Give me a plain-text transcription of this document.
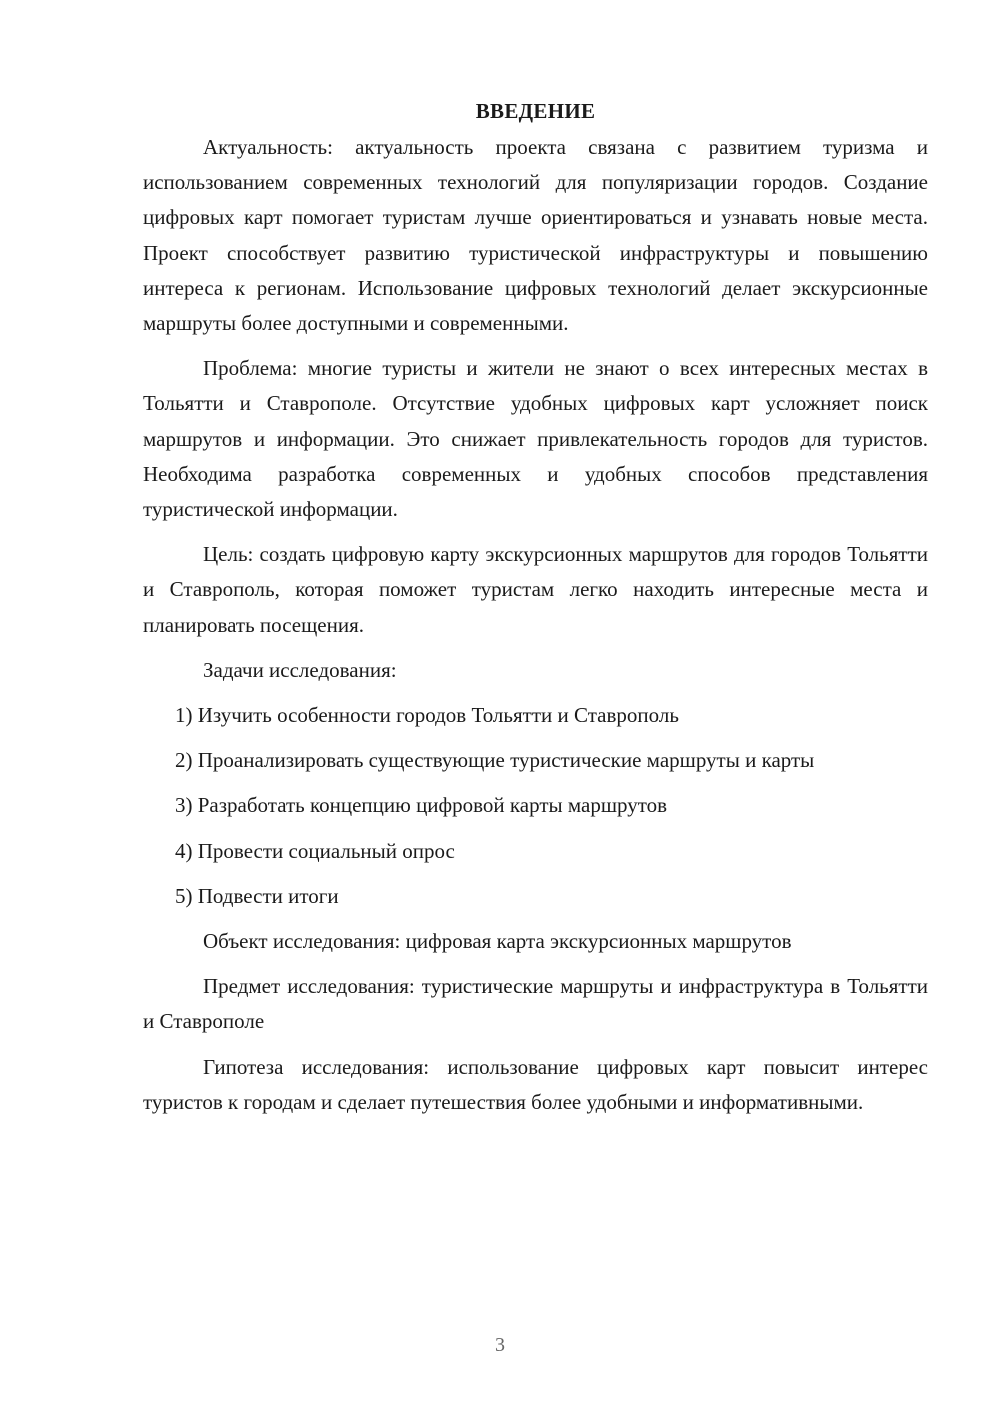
ВВЕДЕНИЕ

Актуальность: актуальность проекта связана с развитием туризма и использованием современных технологий для популяризации городов. Создание цифровых карт помогает туристам лучше ориентироваться и узнавать новые места. Проект способствует развитию туристической инфраструктуры и повышению интереса к регионам. Использование цифровых технологий делает экскурсионные маршруты более доступными и современными.

Проблема: многие туристы и жители не знают о всех интересных местах в Тольятти и Ставрополе. Отсутствие удобных цифровых карт усложняет поиск маршрутов и информации. Это снижает привлекательность городов для туристов. Необходима разработка современных и удобных способов представления туристической информации.

Цель: создать цифровую карту экскурсионных маршрутов для городов Тольятти и Ставрополь, которая поможет туристам легко находить интересные места и планировать посещения.

Задачи исследования:

1) Изучить особенности городов Тольятти и Ставрополь

2) Проанализировать существующие туристические маршруты и карты

3) Разработать концепцию цифровой карты маршрутов

4) Провести социальный опрос

5) Подвести итоги

Объект исследования: цифровая карта экскурсионных маршрутов

Предмет исследования: туристические маршруты и инфраструктура в Тольятти и Ставрополе

Гипотеза исследования: использование цифровых карт повысит интерес туристов к городам и сделает путешествия более удобными и информативными.

3
